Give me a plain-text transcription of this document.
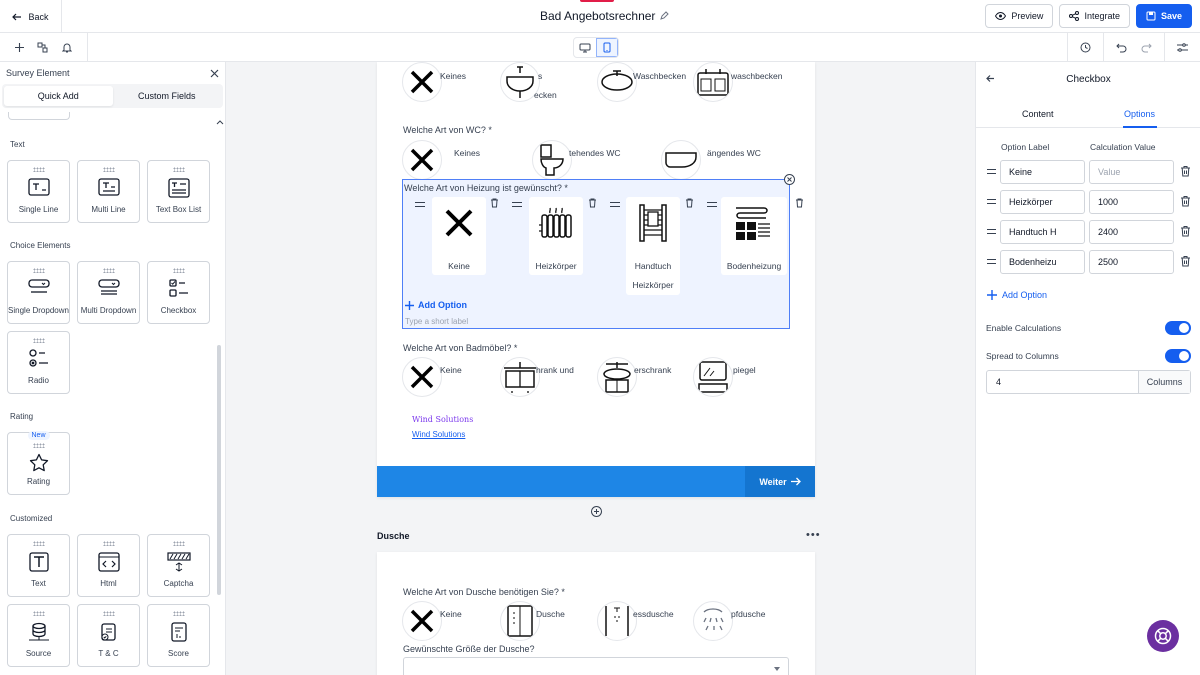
Back	Bad Angebotsrechner	Preview	Integrate	Save
Survey Element
Quick Add	Custom Fields
Text
Single Line	Multi Line	Text Box List
Choice Elements
Single Dropdown	Multi Dropdown	Checkbox
Radio
Rating
New
Rating
Customized
Text	Html	Captcha
Source	T & C	Score
Keines	s
ecken
Waschbecken	waschbecken
Welche Art von WC? *
Keines	tehendes WC	ängendes WC
Welche Art von Heizung ist gewünscht? *
Keine	Heizkörper	Handtuch Heizkörper
Bodenheizung
Add Option
Type a short label
Welche Art von Badmöbel? *
Keine	hrank und	erschrank	piegel
Wind Solutions
Wind Solutions
Weiter
Dusche	•••
Welche Art von Dusche benötigen Sie? *
Keine	Dusche	essdusche	pfdusche
Gewünschte Größe der Dusche?
Checkbox
Content	Options
Option Label	Calculation Value
Keine	Value
Heizkörper	1000
Handtuch H	2400
Bodenheizu	2500
Add Option
Enable Calculations
Spread to Columns
4	Columns
